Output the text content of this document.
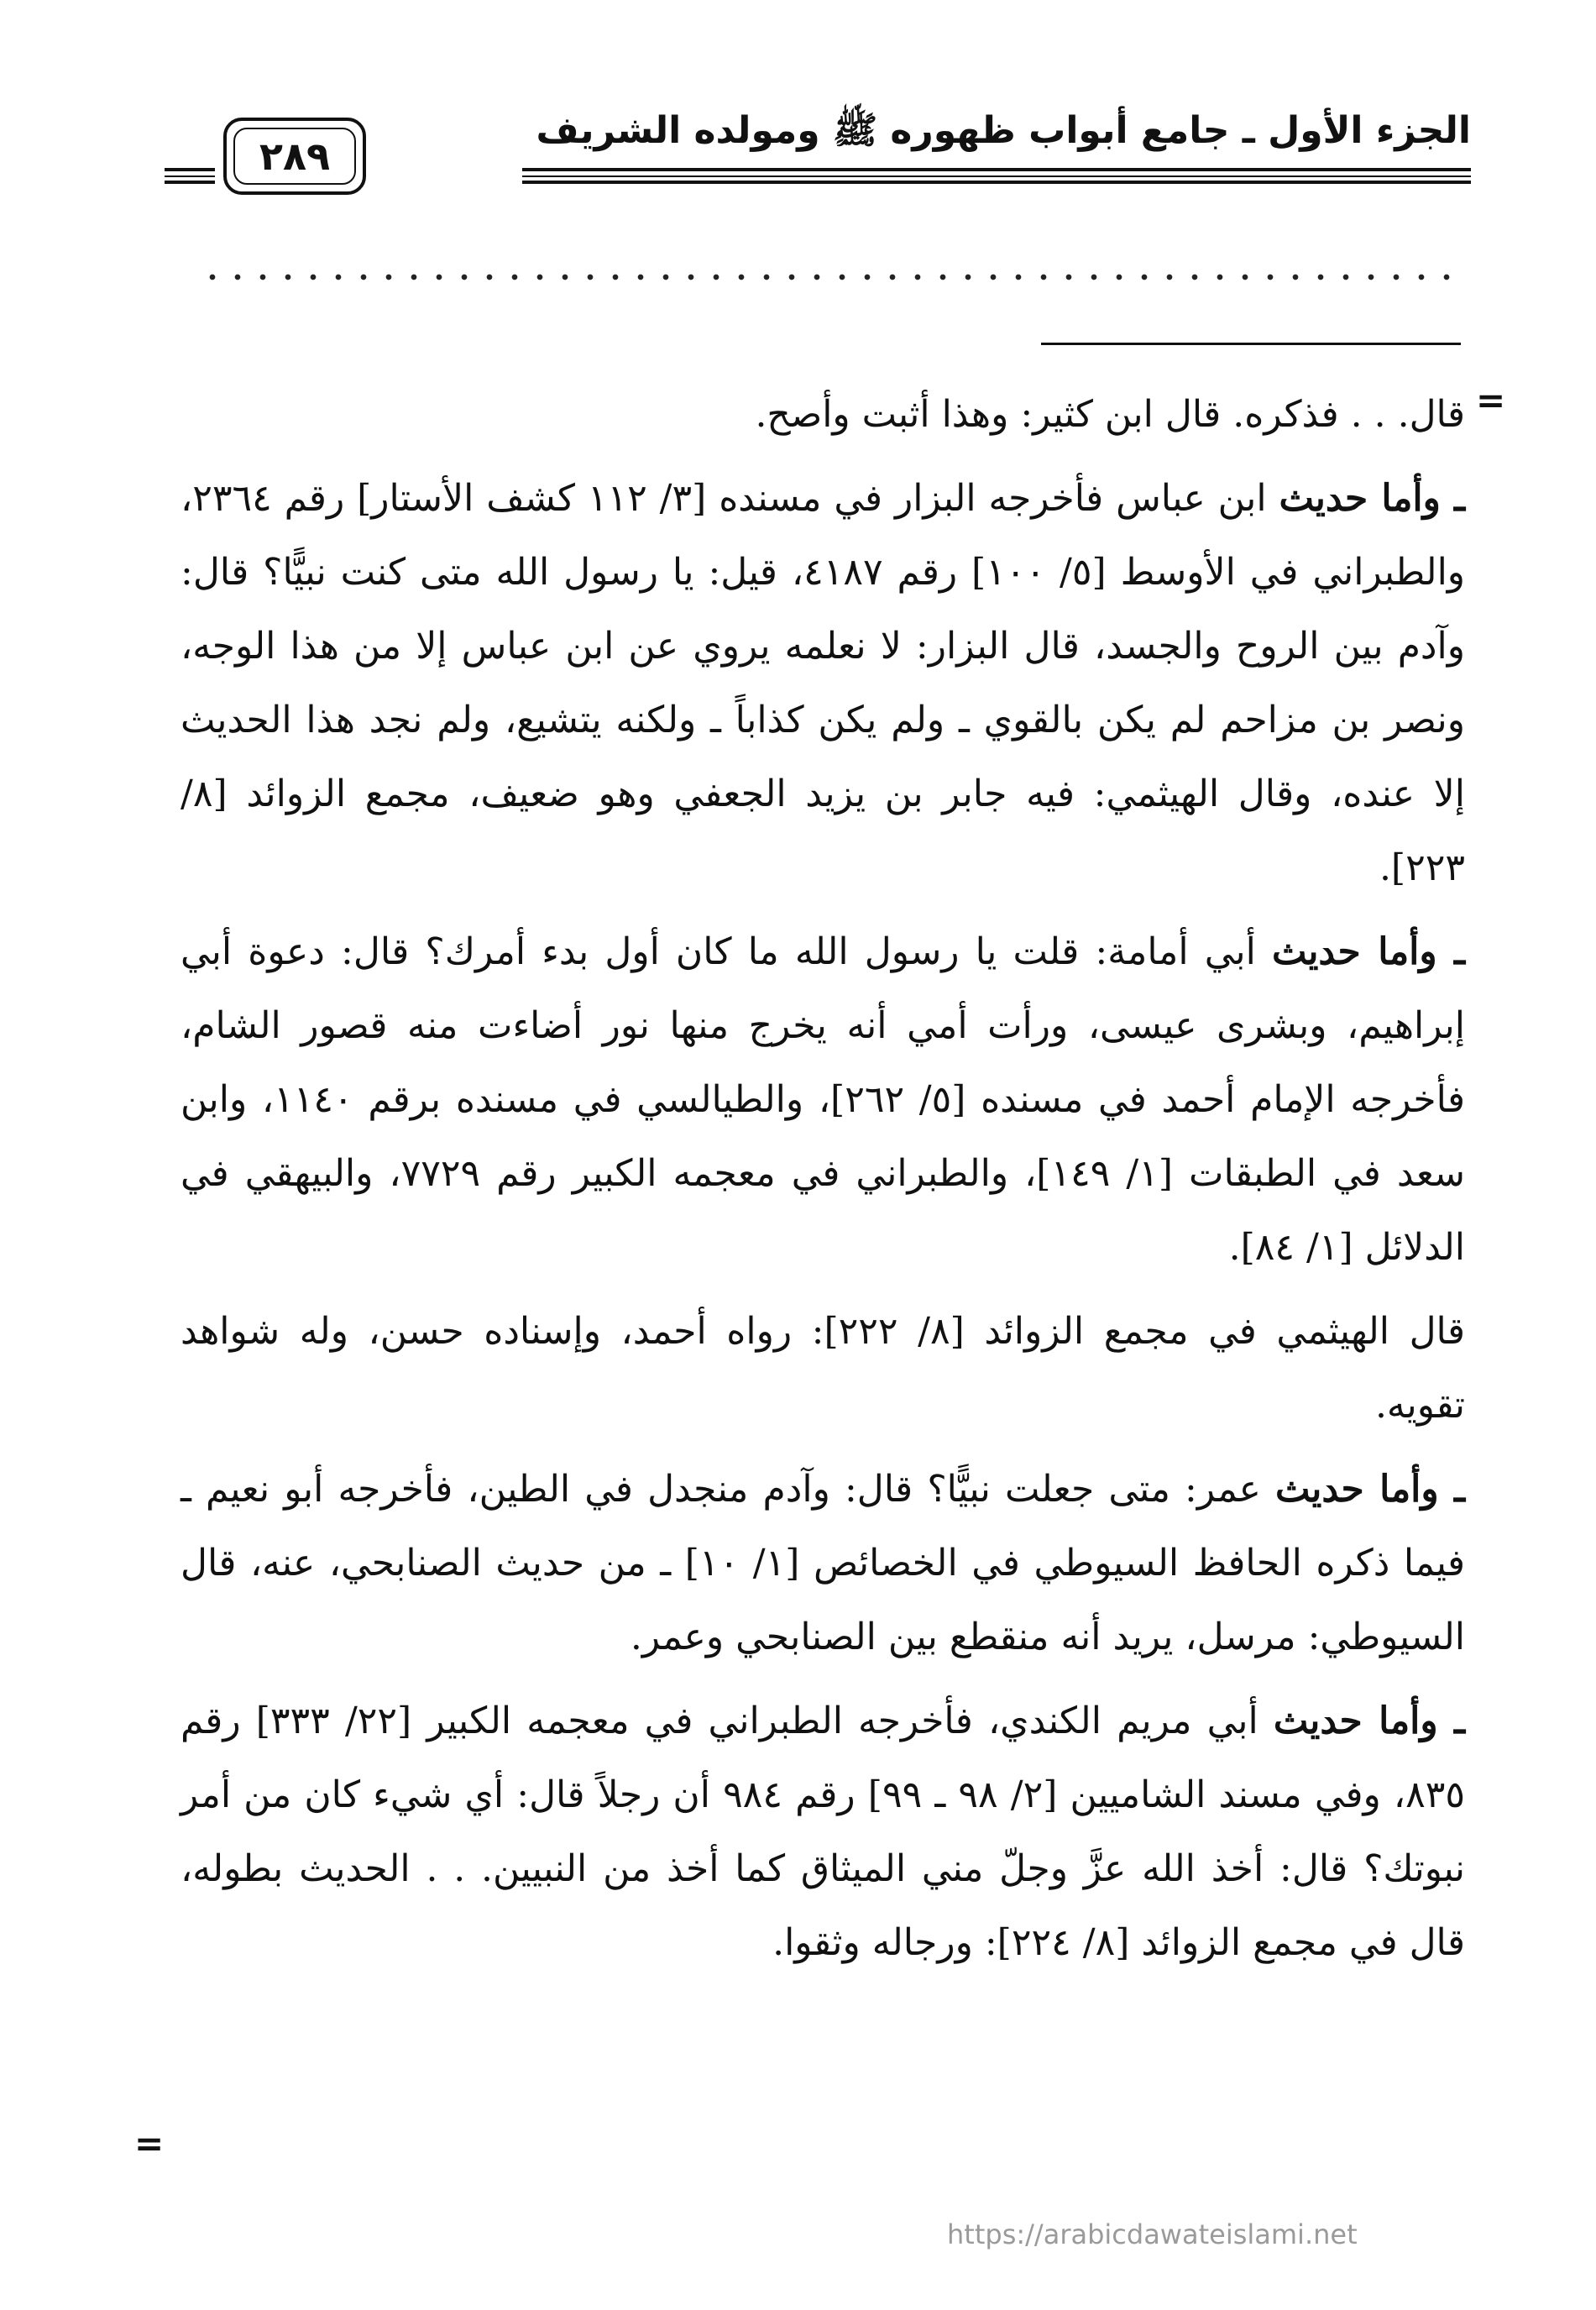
الجزء الأول ـ جامع أبواب ظهوره ﷺ ومولده الشريف
٢٨٩
=

قال. . . فذكره. قال ابن كثير: وهذا أثبت وأصح.

ـ وأما حديث ابن عباس فأخرجه البزار في مسنده [٣/ ١١٢ كشف الأستار] رقم ٢٣٦٤، والطبراني في الأوسط [٥/ ١٠٠] رقم ٤١٨٧، قيل: يا رسول الله متى كنت نبيًّا؟ قال: وآدم بين الروح والجسد، قال البزار: لا نعلمه يروي عن ابن عباس إلا من هذا الوجه، ونصر بن مزاحم لم يكن بالقوي ـ ولم يكن كذاباً ـ ولكنه يتشيع، ولم نجد هذا الحديث إلا عنده، وقال الهيثمي: فيه جابر بن يزيد الجعفي وهو ضعيف، مجمع الزوائد [٨/ ٢٢٣].

ـ وأما حديث أبي أمامة: قلت يا رسول الله ما كان أول بدء أمرك؟ قال: دعوة أبي إبراهيم، وبشرى عيسى، ورأت أمي أنه يخرج منها نور أضاءت منه قصور الشام، فأخرجه الإمام أحمد في مسنده [٥/ ٢٦٢]، والطيالسي في مسنده برقم ١١٤٠، وابن سعد في الطبقات [١/ ١٤٩]، والطبراني في معجمه الكبير رقم ٧٧٢٩، والبيهقي في الدلائل [١/ ٨٤].

قال الهيثمي في مجمع الزوائد [٨/ ٢٢٢]: رواه أحمد، وإسناده حسن، وله شواهد تقويه.

ـ وأما حديث عمر: متى جعلت نبيًّا؟ قال: وآدم منجدل في الطين، فأخرجه أبو نعيم ـ فيما ذكره الحافظ السيوطي في الخصائص [١/ ١٠] ـ من حديث الصنابحي، عنه، قال السيوطي: مرسل، يريد أنه منقطع بين الصنابحي وعمر.

ـ وأما حديث أبي مريم الكندي، فأخرجه الطبراني في معجمه الكبير [٢٢/ ٣٣٣] رقم ٨٣٥، وفي مسند الشاميين [٢/ ٩٨ ـ ٩٩] رقم ٩٨٤ أن رجلاً قال: أي شيء كان من أمر نبوتك؟ قال: أخذ الله عزَّ وجلّ مني الميثاق كما أخذ من النبيين. . . الحديث بطوله، قال في مجمع الزوائد [٨/ ٢٢٤]: ورجاله وثقوا.

=
https://arabicdawateislami.net
